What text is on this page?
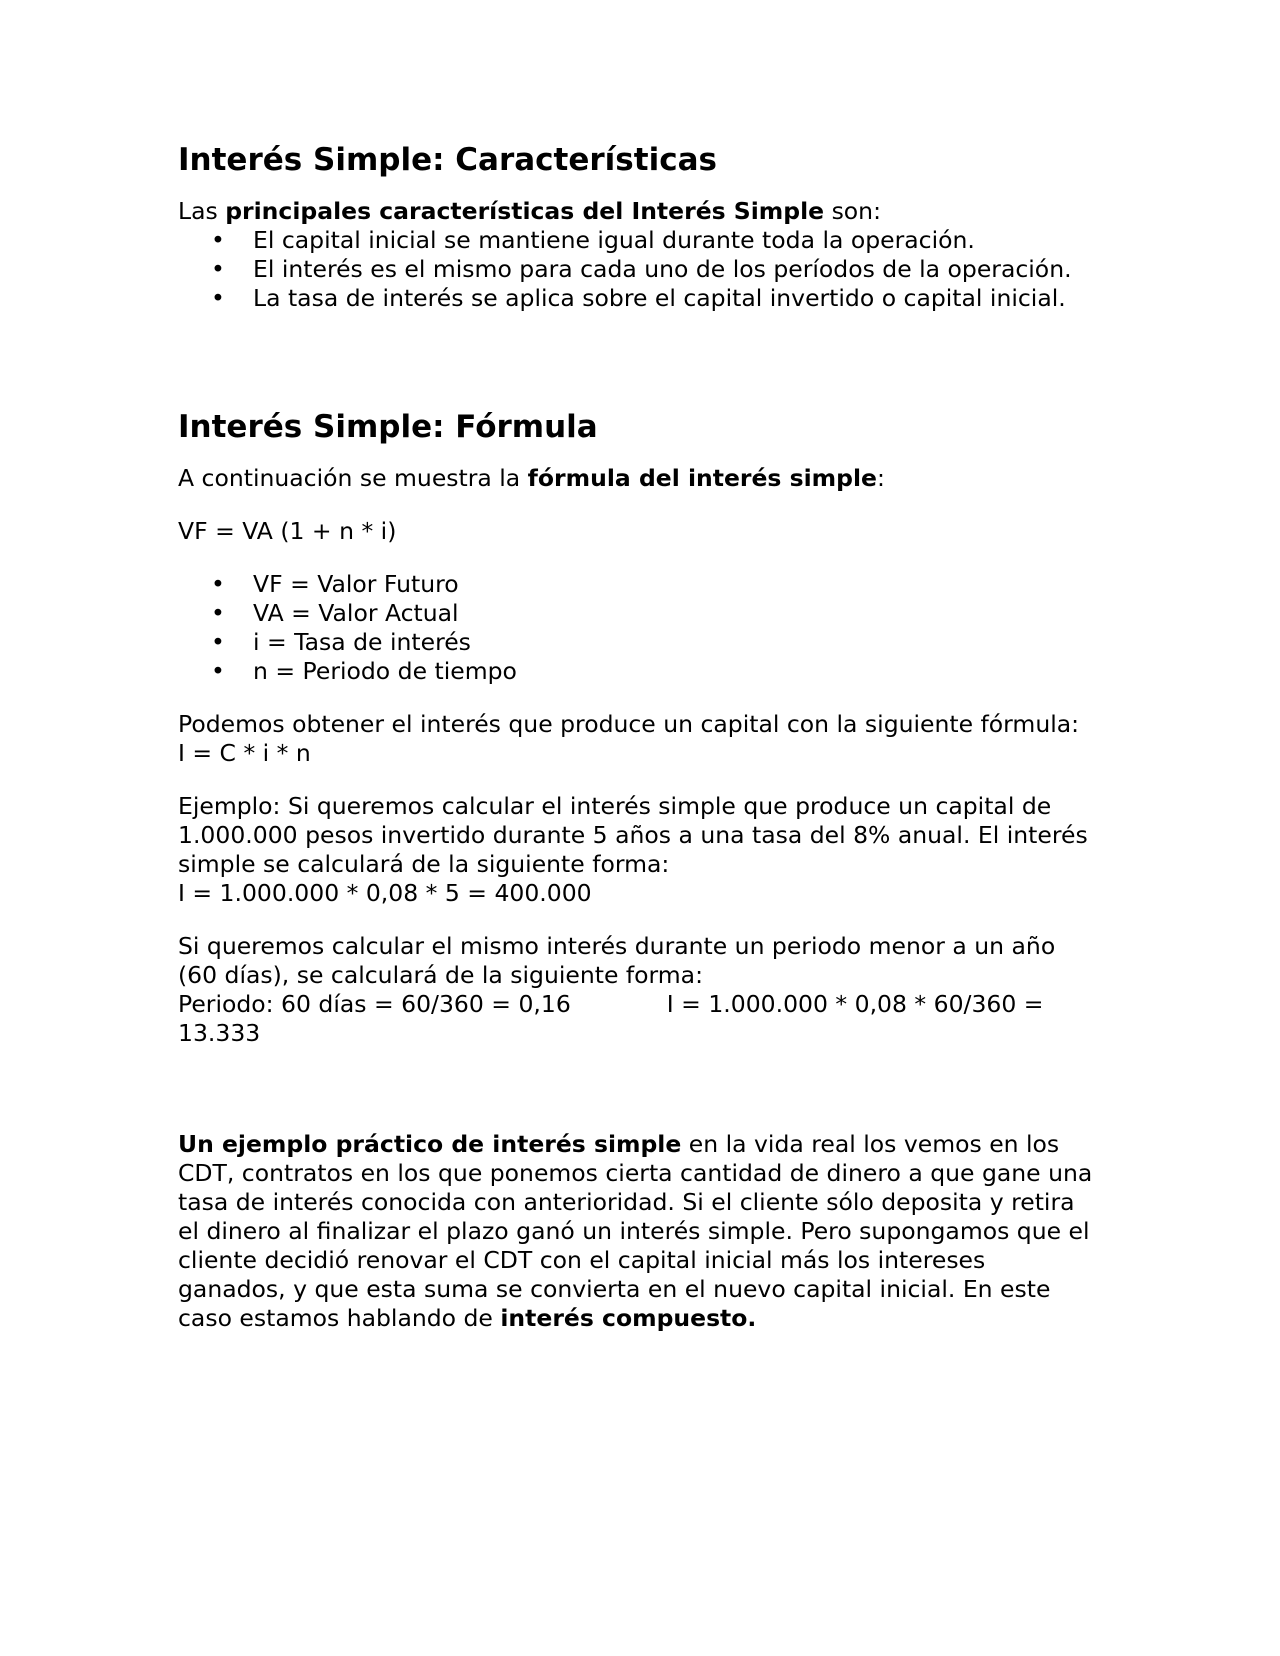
Interés Simple: Características

Las principales características del Interés Simple son:

• El capital inicial se mantiene igual durante toda la operación.
• El interés es el mismo para cada uno de los períodos de la operación.
• La tasa de interés se aplica sobre el capital invertido o capital inicial.
Interés Simple: Fórmula

A continuación se muestra la fórmula del interés simple:

VF = VA (1 + n * i)

• VF = Valor Futuro
• VA = Valor Actual
• i = Tasa de interés
• n = Periodo de tiempo

Podemos obtener el interés que produce un capital con la siguiente fórmula:

I = C * i * n

Ejemplo: Si queremos calcular el interés simple que produce un capital de 1.000.000 pesos invertido durante 5 años a una tasa del 8% anual. El interés simple se calculará de la siguiente forma:

I = 1.000.000 * 0,08 * 5 = 400.000

Si queremos calcular el mismo interés durante un periodo menor a un año (60 días), se calculará de la siguiente forma:

Periodo: 60 días = 60/360 = 0,16	I = 1.000.000 * 0,08 * 60/360 = 13.333

Un ejemplo práctico de interés simple en la vida real los vemos en los CDT, contratos en los que ponemos cierta cantidad de dinero a que gane una tasa de interés conocida con anterioridad. Si el cliente sólo deposita y retira el dinero al finalizar el plazo ganó un interés simple. Pero supongamos que el cliente decidió renovar el CDT con el capital inicial más los intereses ganados, y que esta suma se convierta en el nuevo capital inicial. En este caso estamos hablando de interés compuesto.
